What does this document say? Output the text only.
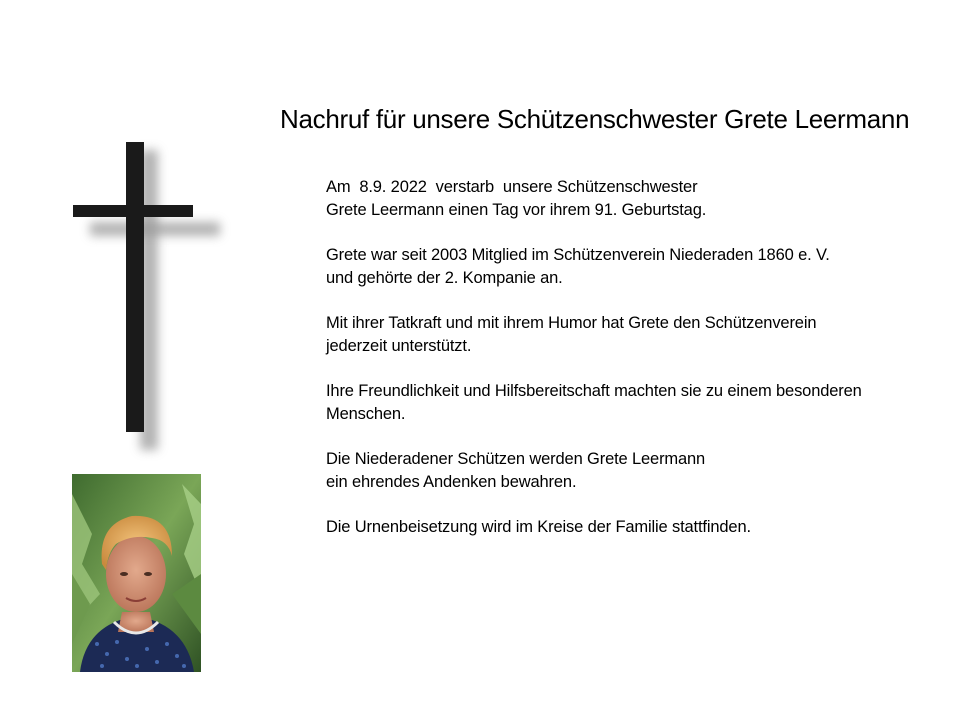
Nachruf für unsere Schützenschwester Grete Leermann
Am  8.9. 2022  verstarb  unsere Schützenschwester
Grete Leermann einen Tag vor ihrem 91. Geburtstag.
Grete war seit 2003 Mitglied im Schützenverein Niederaden 1860 e. V.
und gehörte der 2. Kompanie an.
Mit ihrer Tatkraft und mit ihrem Humor hat Grete den Schützenverein
jederzeit unterstützt.
Ihre Freundlichkeit und Hilfsbereitschaft machten sie zu einem besonderen
Menschen.
Die Niederadener Schützen werden Grete Leermann
ein ehrendes Andenken bewahren.
Die Urnenbeisetzung wird im Kreise der Familie stattfinden.
